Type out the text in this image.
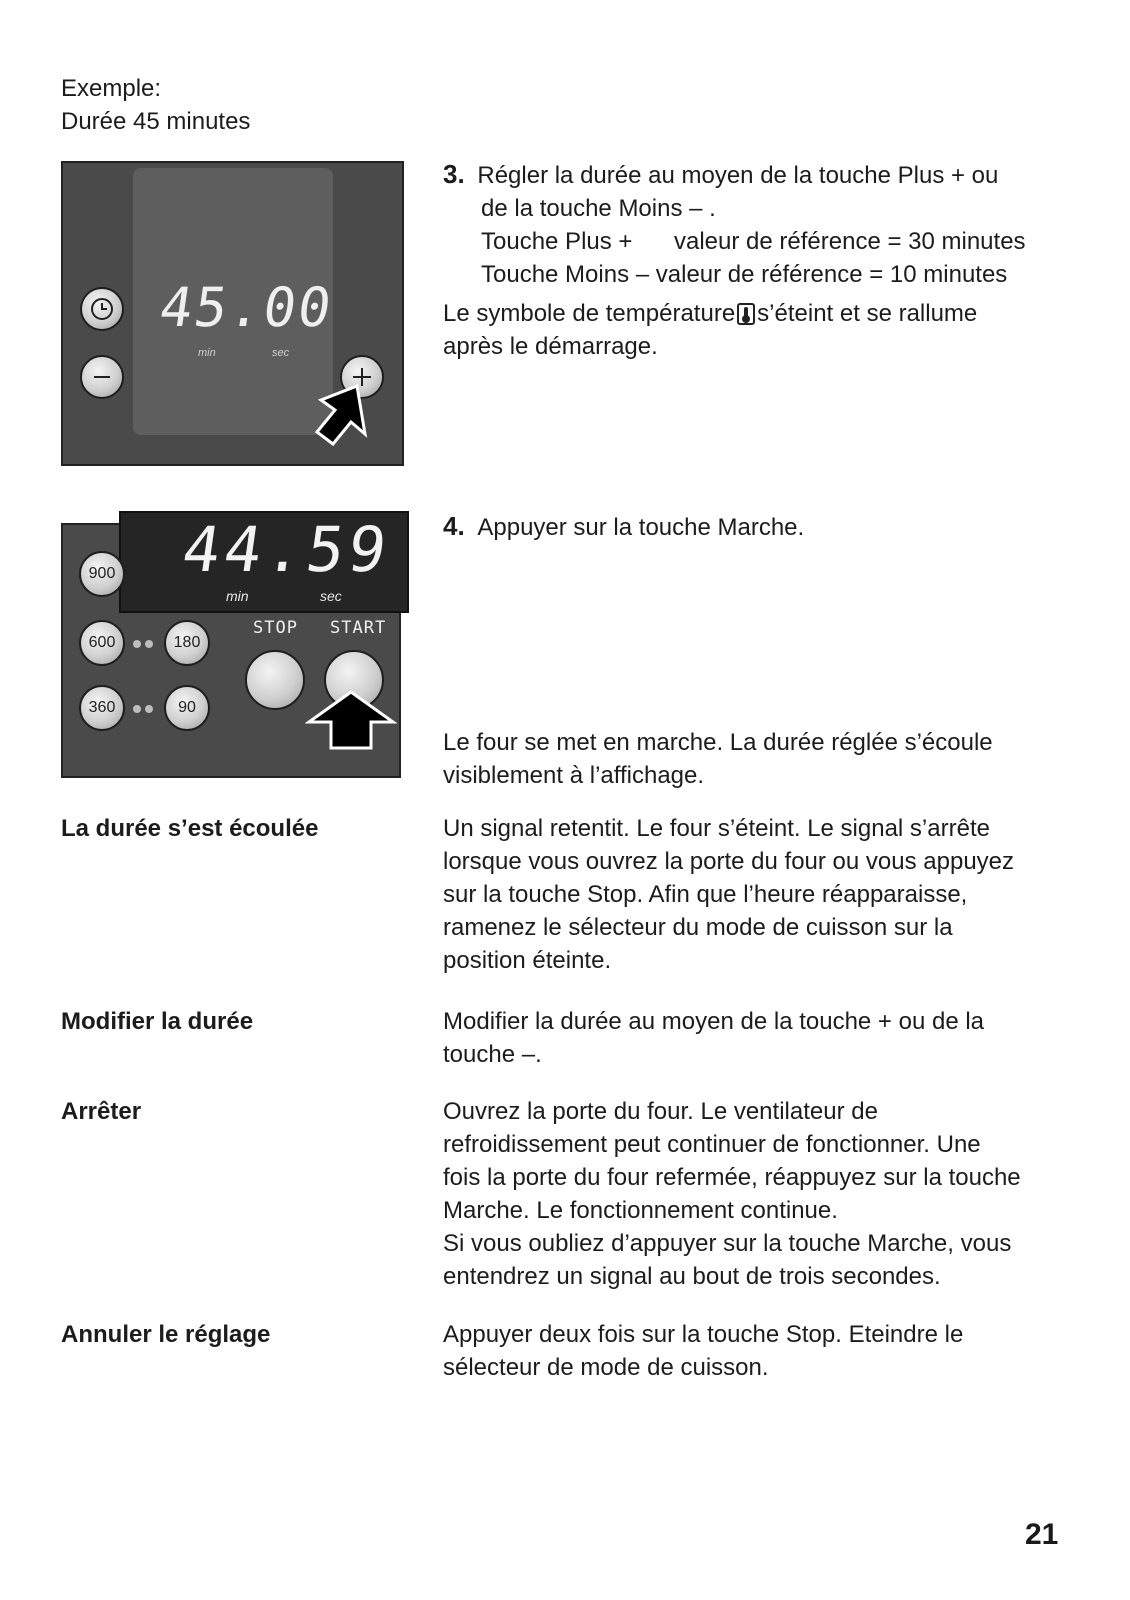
Exemple:
Durée 45 minutes
45.00
min	sec
3. Régler la durée au moyen de la touche Plus + ou
de la touche Moins – .
Touche Plus + valeur de référence = 30 minutes
Touche Moins – valeur de référence = 10 minutes
Le symbole de température s’éteint et se rallume
après le démarrage.
44.59
min	sec
900
600	180
360	90
STOP START
4. Appuyer sur la touche Marche.
Le four se met en marche. La durée réglée s’écoule
visiblement à l’affichage.
La durée s’est écoulée	Un signal retentit. Le four s’éteint. Le signal s’arrête
lorsque vous ouvrez la porte du four ou vous appuyez
sur la touche Stop. Afin que l’heure réapparaisse,
ramenez le sélecteur du mode de cuisson sur la
position éteinte.
Modifier la durée	Modifier la durée au moyen de la touche + ou de la
touche –.
Arrêter	Ouvrez la porte du four. Le ventilateur de
refroidissement peut continuer de fonctionner. Une
fois la porte du four refermée, réappuyez sur la touche
Marche. Le fonctionnement continue.
Si vous oubliez d’appuyer sur la touche Marche, vous
entendrez un signal au bout de trois secondes.
Annuler le réglage	Appuyer deux fois sur la touche Stop. Eteindre le
sélecteur de mode de cuisson.
21
